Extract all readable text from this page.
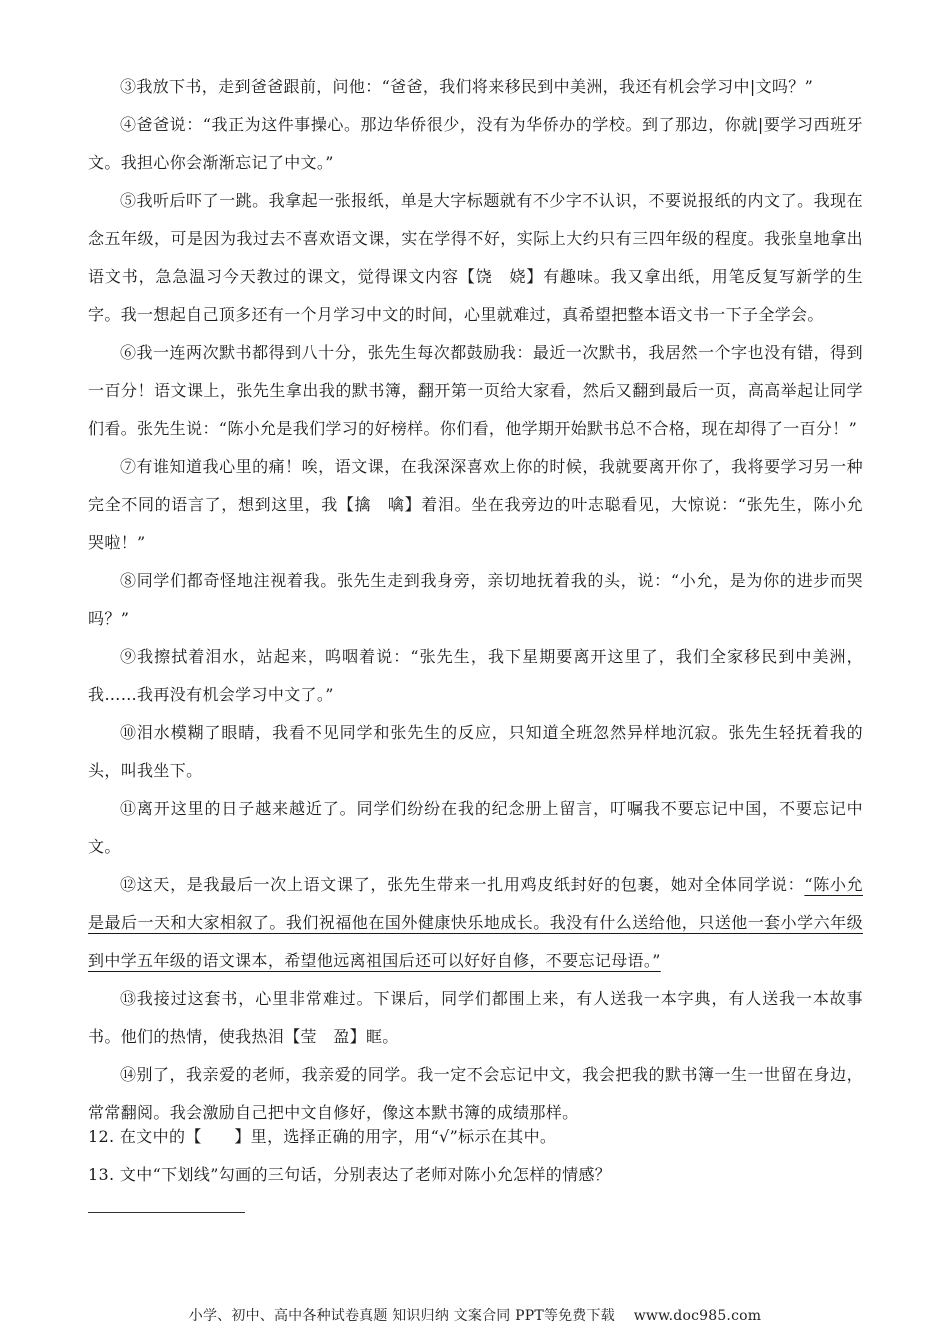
③我放下书，走到爸爸跟前，问他：“爸爸，我们将来移民到中美洲，我还有机会学习中|文吗？”

④爸爸说：“我正为这件事操心。那边华侨很少，没有为华侨办的学校。到了那边，你就|要学习西班牙文。我担心你会渐渐忘记了中文。”

⑤我听后吓了一跳。我拿起一张报纸，单是大字标题就有不少字不认识，不要说报纸的内文了。我现在念五年级，可是因为我过去不喜欢语文课，实在学得不好，实际上大约只有三四年级的程度。我张皇地拿出语文书，急急温习今天教过的课文，觉得课文内容【饶　娆】有趣味。我又拿出纸，用笔反复写新学的生字。我一想起自己顶多还有一个月学习中文的时间，心里就难过，真希望把整本语文书一下子全学会。

⑥我一连两次默书都得到八十分，张先生每次都鼓励我：最近一次默书，我居然一个字也没有错，得到一百分！语文课上，张先生拿出我的默书簿，翻开第一页给大家看，然后又翻到最后一页，高高举起让同学们看。张先生说：“陈小允是我们学习的好榜样。你们看，他学期开始默书总不合格，现在却得了一百分！”

⑦有谁知道我心里的痛！唉，语文课，在我深深喜欢上你的时候，我就要离开你了，我将要学习另一种完全不同的语言了，想到这里，我【擒　噙】着泪。坐在我旁边的叶志聪看见，大惊说：“张先生，陈小允哭啦！”

⑧同学们都奇怪地注视着我。张先生走到我身旁，亲切地抚着我的头，说：“小允，是为你的进步而哭吗？”

⑨我擦拭着泪水，站起来，呜咽着说：“张先生，我下星期要离开这里了，我们全家移民到中美洲，我……我再没有机会学习中文了。”

⑩泪水模糊了眼睛，我看不见同学和张先生的反应，只知道全班忽然异样地沉寂。张先生轻抚着我的头，叫我坐下。

⑪离开这里的日子越来越近了。同学们纷纷在我的纪念册上留言，叮嘱我不要忘记中国，不要忘记中文。

⑫这天，是我最后一次上语文课了，张先生带来一扎用鸡皮纸封好的包裹，她对全体同学说：“陈小允是最后一天和大家相叙了。我们祝福他在国外健康快乐地成长。我没有什么送给他，只送他一套小学六年级到中学五年级的语文课本，希望他远离祖国后还可以好好自修，不要忘记母语。”

⑬我接过这套书，心里非常难过。下课后，同学们都围上来，有人送我一本字典，有人送我一本故事书。他们的热情，使我热泪【莹　盈】眶。

⑭别了，我亲爱的老师，我亲爱的同学。我一定不会忘记中文，我会把我的默书簿一生一世留在身边，常常翻阅。我会激励自己把中文自修好，像这本默书簿的成绩那样。

12. 在文中的【　　】里，选择正确的用字，用“√”标示在其中。

13. 文中“下划线”勾画的三句话，分别表达了老师对陈小允怎样的情感？

小学、初中、高中各种试卷真题 知识归纳 文案合同 PPT等免费下载　 www.doc985.com
